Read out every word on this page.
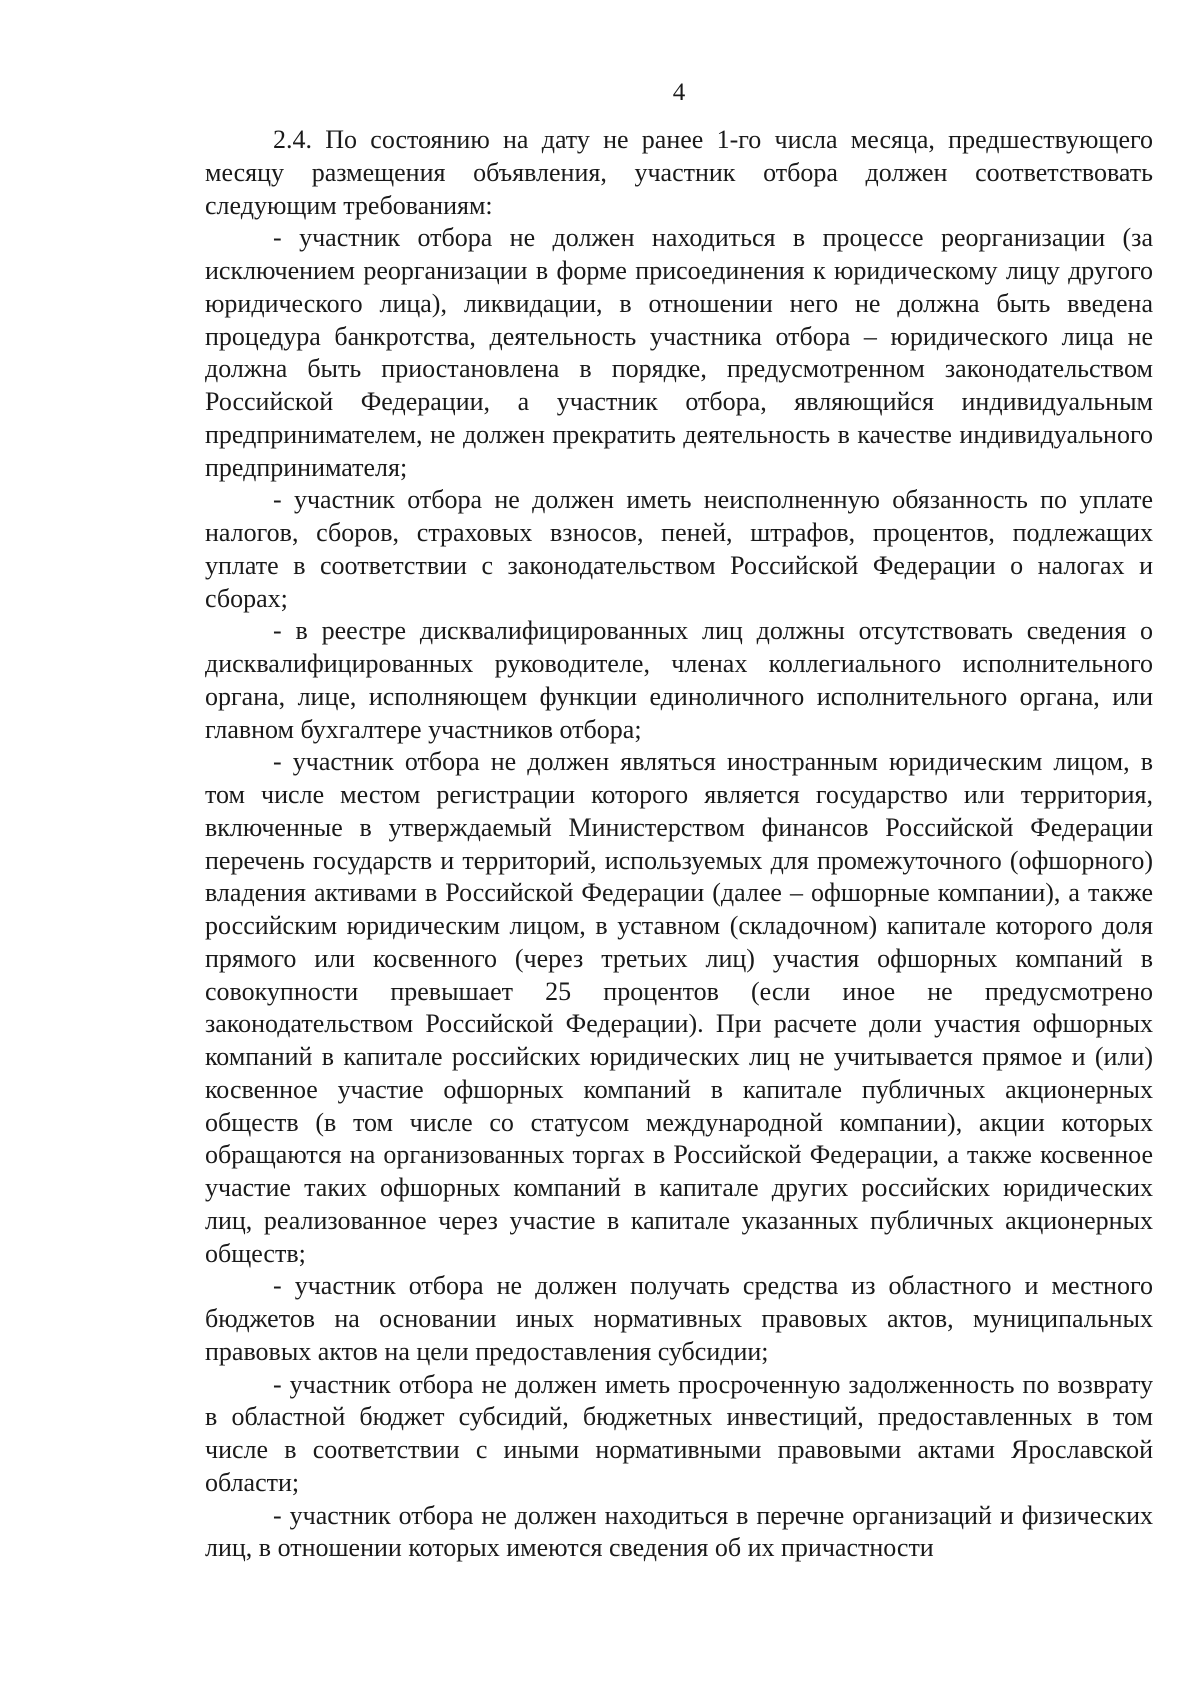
4

2.4. По состоянию на дату не ранее 1-го числа месяца, предшествующего месяцу размещения объявления, участник отбора должен соответствовать следующим требованиям:

- участник отбора не должен находиться в процессе реорганизации (за исключением реорганизации в форме присоединения к юридическому лицу другого юридического лица), ликвидации, в отношении него не должна быть введена процедура банкротства, деятельность участника отбора – юридического лица не должна быть приостановлена в порядке, предусмотренном законодательством Российской Федерации, а участник отбора, являющийся индивидуальным предпринимателем, не должен прекратить деятельность в качестве индивидуального предпринимателя;

- участник отбора не должен иметь неисполненную обязанность по уплате налогов, сборов, страховых взносов, пеней, штрафов, процентов, подлежащих уплате в соответствии с законодательством Российской Федерации о налогах и сборах;

- в реестре дисквалифицированных лиц должны отсутствовать сведения о дисквалифицированных руководителе, членах коллегиального исполнительного органа, лице, исполняющем функции единоличного исполнительного органа, или главном бухгалтере участников отбора;

- участник отбора не должен являться иностранным юридическим лицом, в том числе местом регистрации которого является государство или территория, включенные в утверждаемый Министерством финансов Российской Федерации перечень государств и территорий, используемых для промежуточного (офшорного) владения активами в Российской Федерации (далее – офшорные компании), а также российским юридическим лицом, в уставном (складочном) капитале которого доля прямого или косвенного (через третьих лиц) участия офшорных компаний в совокупности превышает 25 процентов (если иное не предусмотрено законодательством Российской Федерации). При расчете доли участия офшорных компаний в капитале российских юридических лиц не учитывается прямое и (или) косвенное участие офшорных компаний в капитале публичных акционерных обществ (в том числе со статусом международной компании), акции которых обращаются на организованных торгах в Российской Федерации, а также косвенное участие таких офшорных компаний в капитале других российских юридических лиц, реализованное через участие в капитале указанных публичных акционерных обществ;

- участник отбора не должен получать средства из областного и местного бюджетов на основании иных нормативных правовых актов, муниципальных правовых актов на цели предоставления субсидии;

- участник отбора не должен иметь просроченную задолженность по возврату в областной бюджет субсидий, бюджетных инвестиций, предоставленных в том числе в соответствии с иными нормативными правовыми актами Ярославской области;

- участник отбора не должен находиться в перечне организаций и физических лиц, в отношении которых имеются сведения об их причастности
